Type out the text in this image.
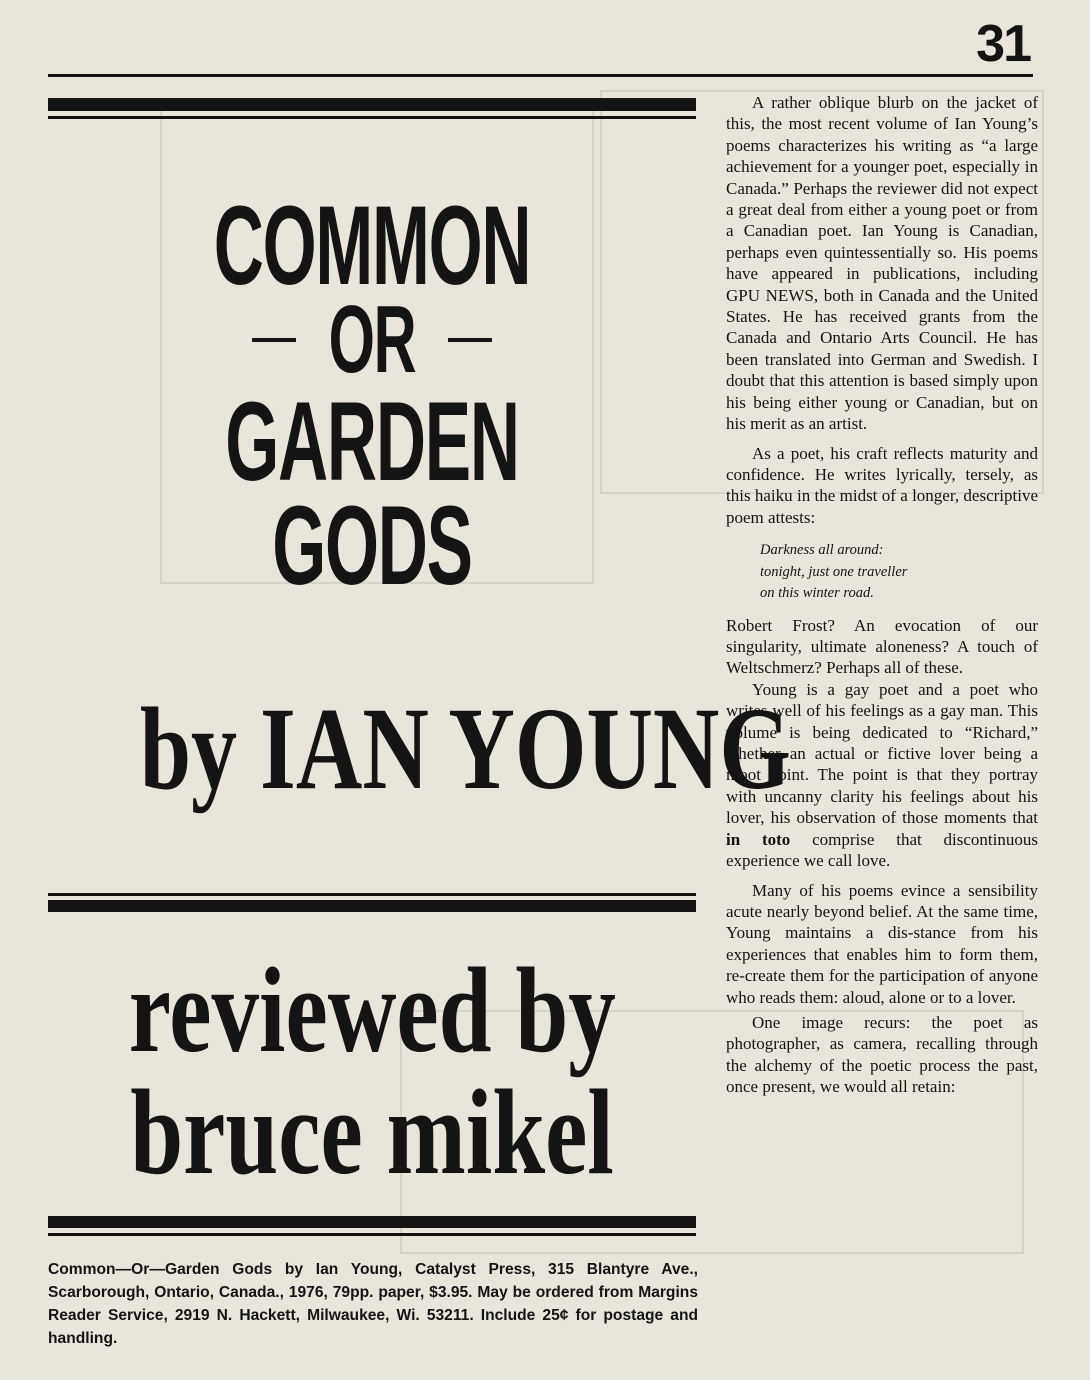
31
COMMON
OR
GARDEN
GODS
by IAN YOUNG
reviewed by
bruce mikel

Common—Or—Garden Gods by Ian Young, Catalyst Press, 315 Blantyre Ave., Scarborough, Ontario, Canada., 1976, 79pp. paper, $3.95. May be ordered from Margins Reader Service, 2919 N. Hackett, Milwaukee, Wi. 53211. Include 25¢ for postage and handling.

A rather oblique blurb on the jacket of this, the most recent volume of Ian Young’s poems characterizes his writing as “a large achievement for a younger poet, especially in Canada.” Perhaps the reviewer did not expect a great deal from either a young poet or from a Canadian poet. Ian Young is Canadian, perhaps even quintessentially so. His poems have appeared in publications, including GPU NEWS, both in Canada and the United States. He has received grants from the Canada and Ontario Arts Council. He has been translated into German and Swedish. I doubt that this attention is based simply upon his being either young or Canadian, but on his merit as an artist.

As a poet, his craft reflects maturity and confidence. He writes lyrically, tersely, as this haiku in the midst of a longer, descriptive poem attests:

Darkness all around:
tonight, just one traveller
on this winter road.

Robert Frost? An evocation of our singularity, ultimate aloneness? A touch of Weltschmerz? Perhaps all of these.

Young is a gay poet and a poet who writes well of his feelings as a gay man. This volume is being dedicated to “Richard,” whether an actual or fictive lover being a moot point. The point is that they portray with uncanny clarity his feelings about his lover, his observation of those moments that in toto comprise that discontinuous experience we call love.

Many of his poems evince a sensibility acute nearly beyond belief. At the same time, Young maintains a dis-stance from his experiences that enables him to form them, re-create them for the participation of anyone who reads them: aloud, alone or to a lover.

One image recurs: the poet as photographer, as camera, recalling through the alchemy of the poetic process the past, once present, we would all retain:
